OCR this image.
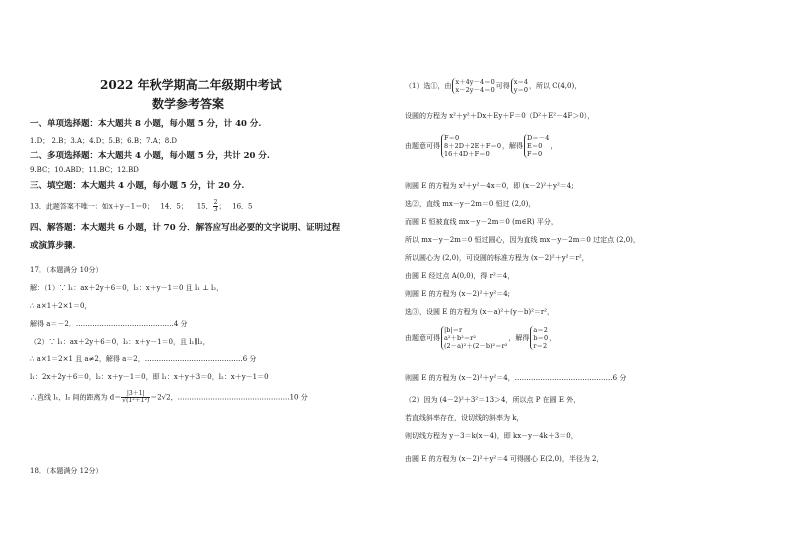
2022 年秋学期高二年级期中考试
数学参考答案
一、单项选择题：本大题共 8 小题，每小题 5 分，计 40 分.
1.D； 2.B；3.A；4.D；5.B；6.B；7.A；8.D
二、多项选择题：本大题共 4 小题，每小题 5 分，共计 20 分.
9.BC；10.ABD；11.BC；12.BD
三、填空题：本大题共 4 小题，每小题 5 分，计 20 分.
13．此题答案不唯一：如x＋y－1＝0； 14．5； 15． $\frac{2}{3}$ ； 16．5
四、解答题：本大题共 6 小题，计 70 分．解答应写出必要的文字说明、证明过程
或演算步骤.
17．（本题满分 10分）
解：（1）∵ l₁：ax＋2y＋6＝0，l₂：x＋y－1＝0 且 l₁ ⊥ l₂，
∴ a×1＋2×1＝0，
解得 a＝－2．……………………………………4 分
（2）∵ l₁：ax＋2y＋6＝0，l₂：x＋y－1＝0，且 l₁∥l₂，
∴ a×1＝2×1 且 a≠2，解得 a＝2，……………………………………6 分
l₁：2x＋2y＋6＝0，l₂：x＋y－1＝0，即 l₁：x＋y＋3＝0，l₂：x＋y－1＝0
∴直线 l₁，l₂ 间的距离为 $d= \frac{|3+1|}{\text{√(1²＋1²)}} =2√2$，…………………………………………10 分
18．（本题满分 12分）
（1）选①，由 x＋4y－4＝0
x－2y－4＝0 可得 x＝4
y＝0 ，所以 C(4,0)，
设圆的方程为 x²＋y²＋Dx＋Ey＋F＝0（D²＋E²－4F＞0），
由题意可得
F＝0
8＋2D＋2E＋F＝0
16＋4D＋F＝0
，解得
D＝－4
E＝0
F＝0
，
则圆 E 的方程为 x²＋y²－4x＝0，即 (x－2)²＋y²＝4;
选②，直线 mx－y－2m＝0 恒过 (2,0)，
而圆 E 恒被直线 mx－y－2m＝0 (m∈R) 平分，
所以 mx－y－2m＝0 恒过圆心，因为直线 mx－y－2m＝0 过定点 (2,0)，
所以圆心为 (2,0)，可设圆的标准方程为 (x－2)²＋y²＝r²，
由圆 E 经过点 A(0,0)，得 r²＝4，
则圆 E 的方程为 (x－2)²＋y²＝4;
选③，设圆 E 的方程为 (x－a)²＋(y－b)²＝r²，
由题意可得
|b|＝r
a²＋b²＝r²
(2－a)²＋(2－b)²＝r²
，解得
a＝2
b＝0
r＝2
，
则圆 E 的方程为 (x－2)²＋y²＝4，……………………………………6 分
（2）因为 (4－2)²＋3²＝13＞4，所以点 P 在圆 E 外，
若直线斜率存在，设切线的斜率为 k，
则切线方程为 y－3＝k(x－4)，即 kx－y－4k＋3＝0，
由圆 E 的方程为 (x－2)²＋y²＝4 可得圆心 E(2,0)，半径为 2，
